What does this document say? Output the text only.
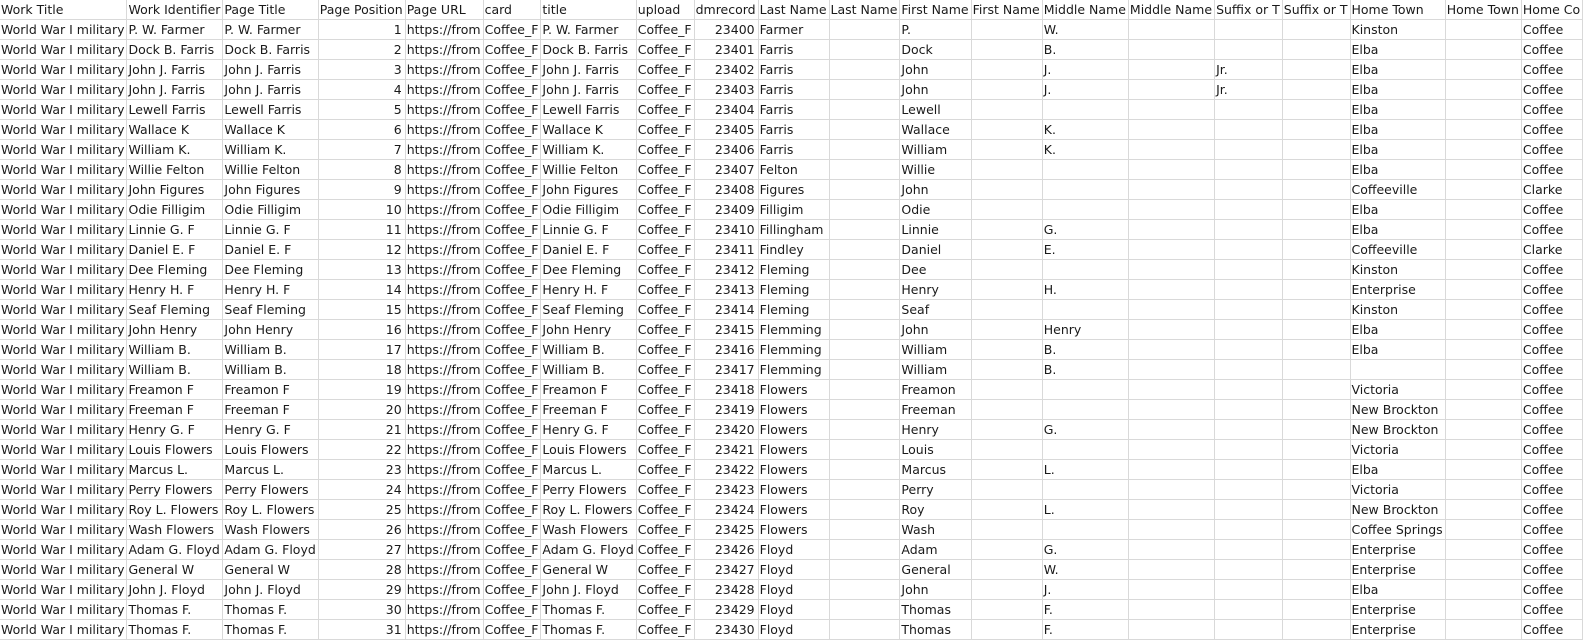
Work Title	Work Identifier	Page Title	Page Position	Page URL	card	title	upload	dmrecord	Last Name	Last Name	First Name	First Name	Middle Name	Middle Name	Suffix or T	Suffix or T	Home Town	Home Town	Home Co
World War I military	P. W. Farmer	P. W. Farmer	1	https://from	Coffee_F	P. W. Farmer	Coffee_F	23400	Farmer		P.		W.				Kinston		Coffee
World War I military	Dock B. Farris	Dock B. Farris	2	https://from	Coffee_F	Dock B. Farris	Coffee_F	23401	Farris		Dock		B.				Elba		Coffee
World War I military	John J. Farris	John J. Farris	3	https://from	Coffee_F	John J. Farris	Coffee_F	23402	Farris		John		J.		Jr.		Elba		Coffee
World War I military	John J. Farris	John J. Farris	4	https://from	Coffee_F	John J. Farris	Coffee_F	23403	Farris		John		J.		Jr.		Elba		Coffee
World War I military	Lewell Farris	Lewell Farris	5	https://from	Coffee_F	Lewell Farris	Coffee_F	23404	Farris		Lewell						Elba		Coffee
World War I military	Wallace K	Wallace K	6	https://from	Coffee_F	Wallace K	Coffee_F	23405	Farris		Wallace		K.				Elba		Coffee
World War I military	William K.	William K.	7	https://from	Coffee_F	William K.	Coffee_F	23406	Farris		William		K.				Elba		Coffee
World War I military	Willie Felton	Willie Felton	8	https://from	Coffee_F	Willie Felton	Coffee_F	23407	Felton		Willie						Elba		Coffee
World War I military	John Figures	John Figures	9	https://from	Coffee_F	John Figures	Coffee_F	23408	Figures		John						Coffeeville		Clarke
World War I military	Odie Filligim	Odie Filligim	10	https://from	Coffee_F	Odie Filligim	Coffee_F	23409	Filligim		Odie						Elba		Coffee
World War I military	Linnie G. F	Linnie G. F	11	https://from	Coffee_F	Linnie G. F	Coffee_F	23410	Fillingham		Linnie		G.				Elba		Coffee
World War I military	Daniel E. F	Daniel E. F	12	https://from	Coffee_F	Daniel E. F	Coffee_F	23411	Findley		Daniel		E.				Coffeeville		Clarke
World War I military	Dee Fleming	Dee Fleming	13	https://from	Coffee_F	Dee Fleming	Coffee_F	23412	Fleming		Dee						Kinston		Coffee
World War I military	Henry H. F	Henry H. F	14	https://from	Coffee_F	Henry H. F	Coffee_F	23413	Fleming		Henry		H.				Enterprise		Coffee
World War I military	Seaf Fleming	Seaf Fleming	15	https://from	Coffee_F	Seaf Fleming	Coffee_F	23414	Fleming		Seaf						Kinston		Coffee
World War I military	John Henry	John Henry	16	https://from	Coffee_F	John Henry	Coffee_F	23415	Flemming		John		Henry				Elba		Coffee
World War I military	William B.	William B.	17	https://from	Coffee_F	William B.	Coffee_F	23416	Flemming		William		B.				Elba		Coffee
World War I military	William B.	William B.	18	https://from	Coffee_F	William B.	Coffee_F	23417	Flemming		William		B.						Coffee
World War I military	Freamon F	Freamon F	19	https://from	Coffee_F	Freamon F	Coffee_F	23418	Flowers		Freamon						Victoria		Coffee
World War I military	Freeman F	Freeman F	20	https://from	Coffee_F	Freeman F	Coffee_F	23419	Flowers		Freeman						New Brockton		Coffee
World War I military	Henry G. F	Henry G. F	21	https://from	Coffee_F	Henry G. F	Coffee_F	23420	Flowers		Henry		G.				New Brockton		Coffee
World War I military	Louis Flowers	Louis Flowers	22	https://from	Coffee_F	Louis Flowers	Coffee_F	23421	Flowers		Louis						Victoria		Coffee
World War I military	Marcus L.	Marcus L.	23	https://from	Coffee_F	Marcus L.	Coffee_F	23422	Flowers		Marcus		L.				Elba		Coffee
World War I military	Perry Flowers	Perry Flowers	24	https://from	Coffee_F	Perry Flowers	Coffee_F	23423	Flowers		Perry						Victoria		Coffee
World War I military	Roy L. Flowers	Roy L. Flowers	25	https://from	Coffee_F	Roy L. Flowers	Coffee_F	23424	Flowers		Roy		L.				New Brockton		Coffee
World War I military	Wash Flowers	Wash Flowers	26	https://from	Coffee_F	Wash Flowers	Coffee_F	23425	Flowers		Wash						Coffee Springs		Coffee
World War I military	Adam G. Floyd	Adam G. Floyd	27	https://from	Coffee_F	Adam G. Floyd	Coffee_F	23426	Floyd		Adam		G.				Enterprise		Coffee
World War I military	General W	General W	28	https://from	Coffee_F	General W	Coffee_F	23427	Floyd		General		W.				Enterprise		Coffee
World War I military	John J. Floyd	John J. Floyd	29	https://from	Coffee_F	John J. Floyd	Coffee_F	23428	Floyd		John		J.				Elba		Coffee
World War I military	Thomas F.	Thomas F.	30	https://from	Coffee_F	Thomas F.	Coffee_F	23429	Floyd		Thomas		F.				Enterprise		Coffee
World War I military	Thomas F.	Thomas F.	31	https://from	Coffee_F	Thomas F.	Coffee_F	23430	Floyd		Thomas		F.				Enterprise		Coffee
